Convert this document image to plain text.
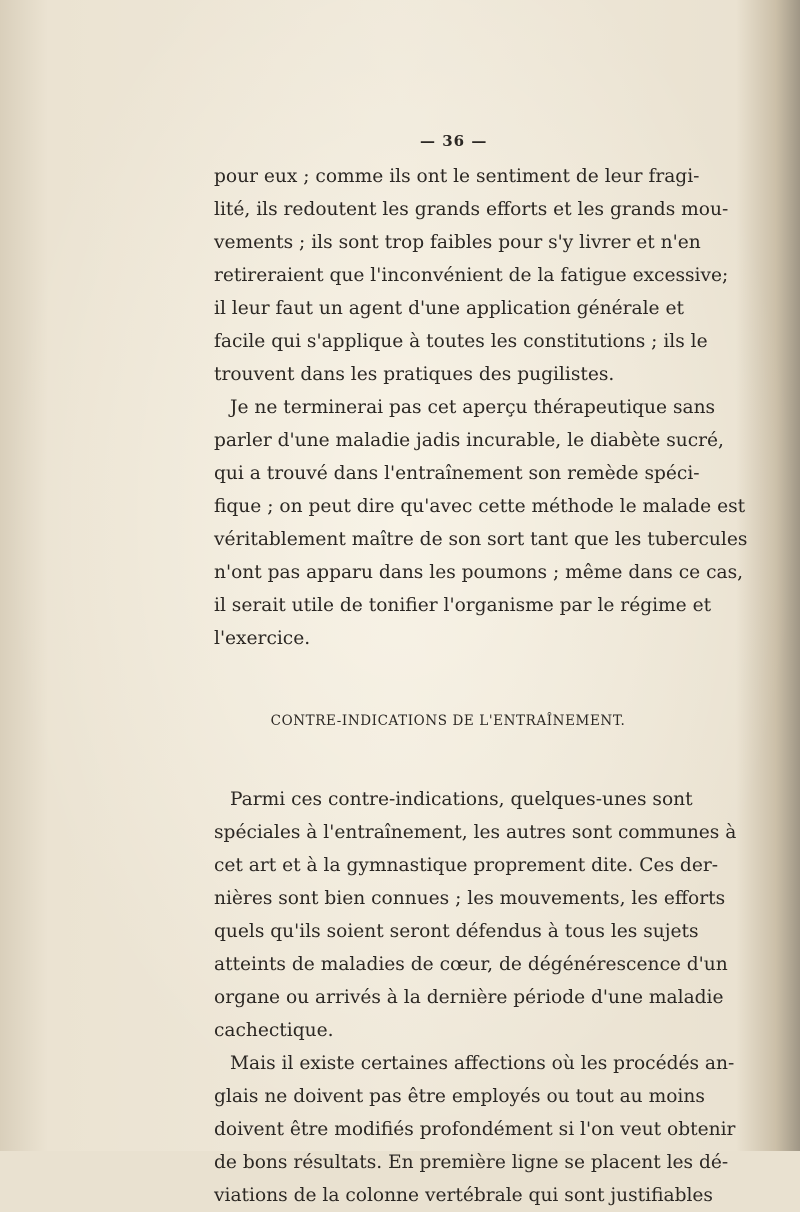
— 36 —
pour eux ; comme ils ont le sentiment de leur fragi-
lité, ils redoutent les grands efforts et les grands mou-
vements ; ils sont trop faibles pour s'y livrer et n'en
retireraient que l'inconvénient de la fatigue excessive;
il leur faut un agent d'une application générale et
facile qui s'applique à toutes les constitutions ; ils le
trouvent dans les pratiques des pugilistes.
Je ne terminerai pas cet aperçu thérapeutique sans
parler d'une maladie jadis incurable, le diabète sucré,
qui a trouvé dans l'entraînement son remède spéci-
fique ; on peut dire qu'avec cette méthode le malade est
véritablement maître de son sort tant que les tubercules
n'ont pas apparu dans les poumons ; même dans ce cas,
il serait utile de tonifier l'organisme par le régime et
l'exercice.
CONTRE-INDICATIONS DE L'ENTRAÎNEMENT.
Parmi ces contre-indications, quelques-unes sont
spéciales à l'entraînement, les autres sont communes à
cet art et à la gymnastique proprement dite. Ces der-
nières sont bien connues ; les mouvements, les efforts
quels qu'ils soient seront défendus à tous les sujets
atteints de maladies de cœur, de dégénérescence d'un
organe ou arrivés à la dernière période d'une maladie
cachectique.
Mais il existe certaines affections où les procédés an-
glais ne doivent pas être employés ou tout au moins
doivent être modifiés profondément si l'on veut obtenir
de bons résultats. En première ligne se placent les dé-
viations de la colonne vertébrale qui sont justifiables
